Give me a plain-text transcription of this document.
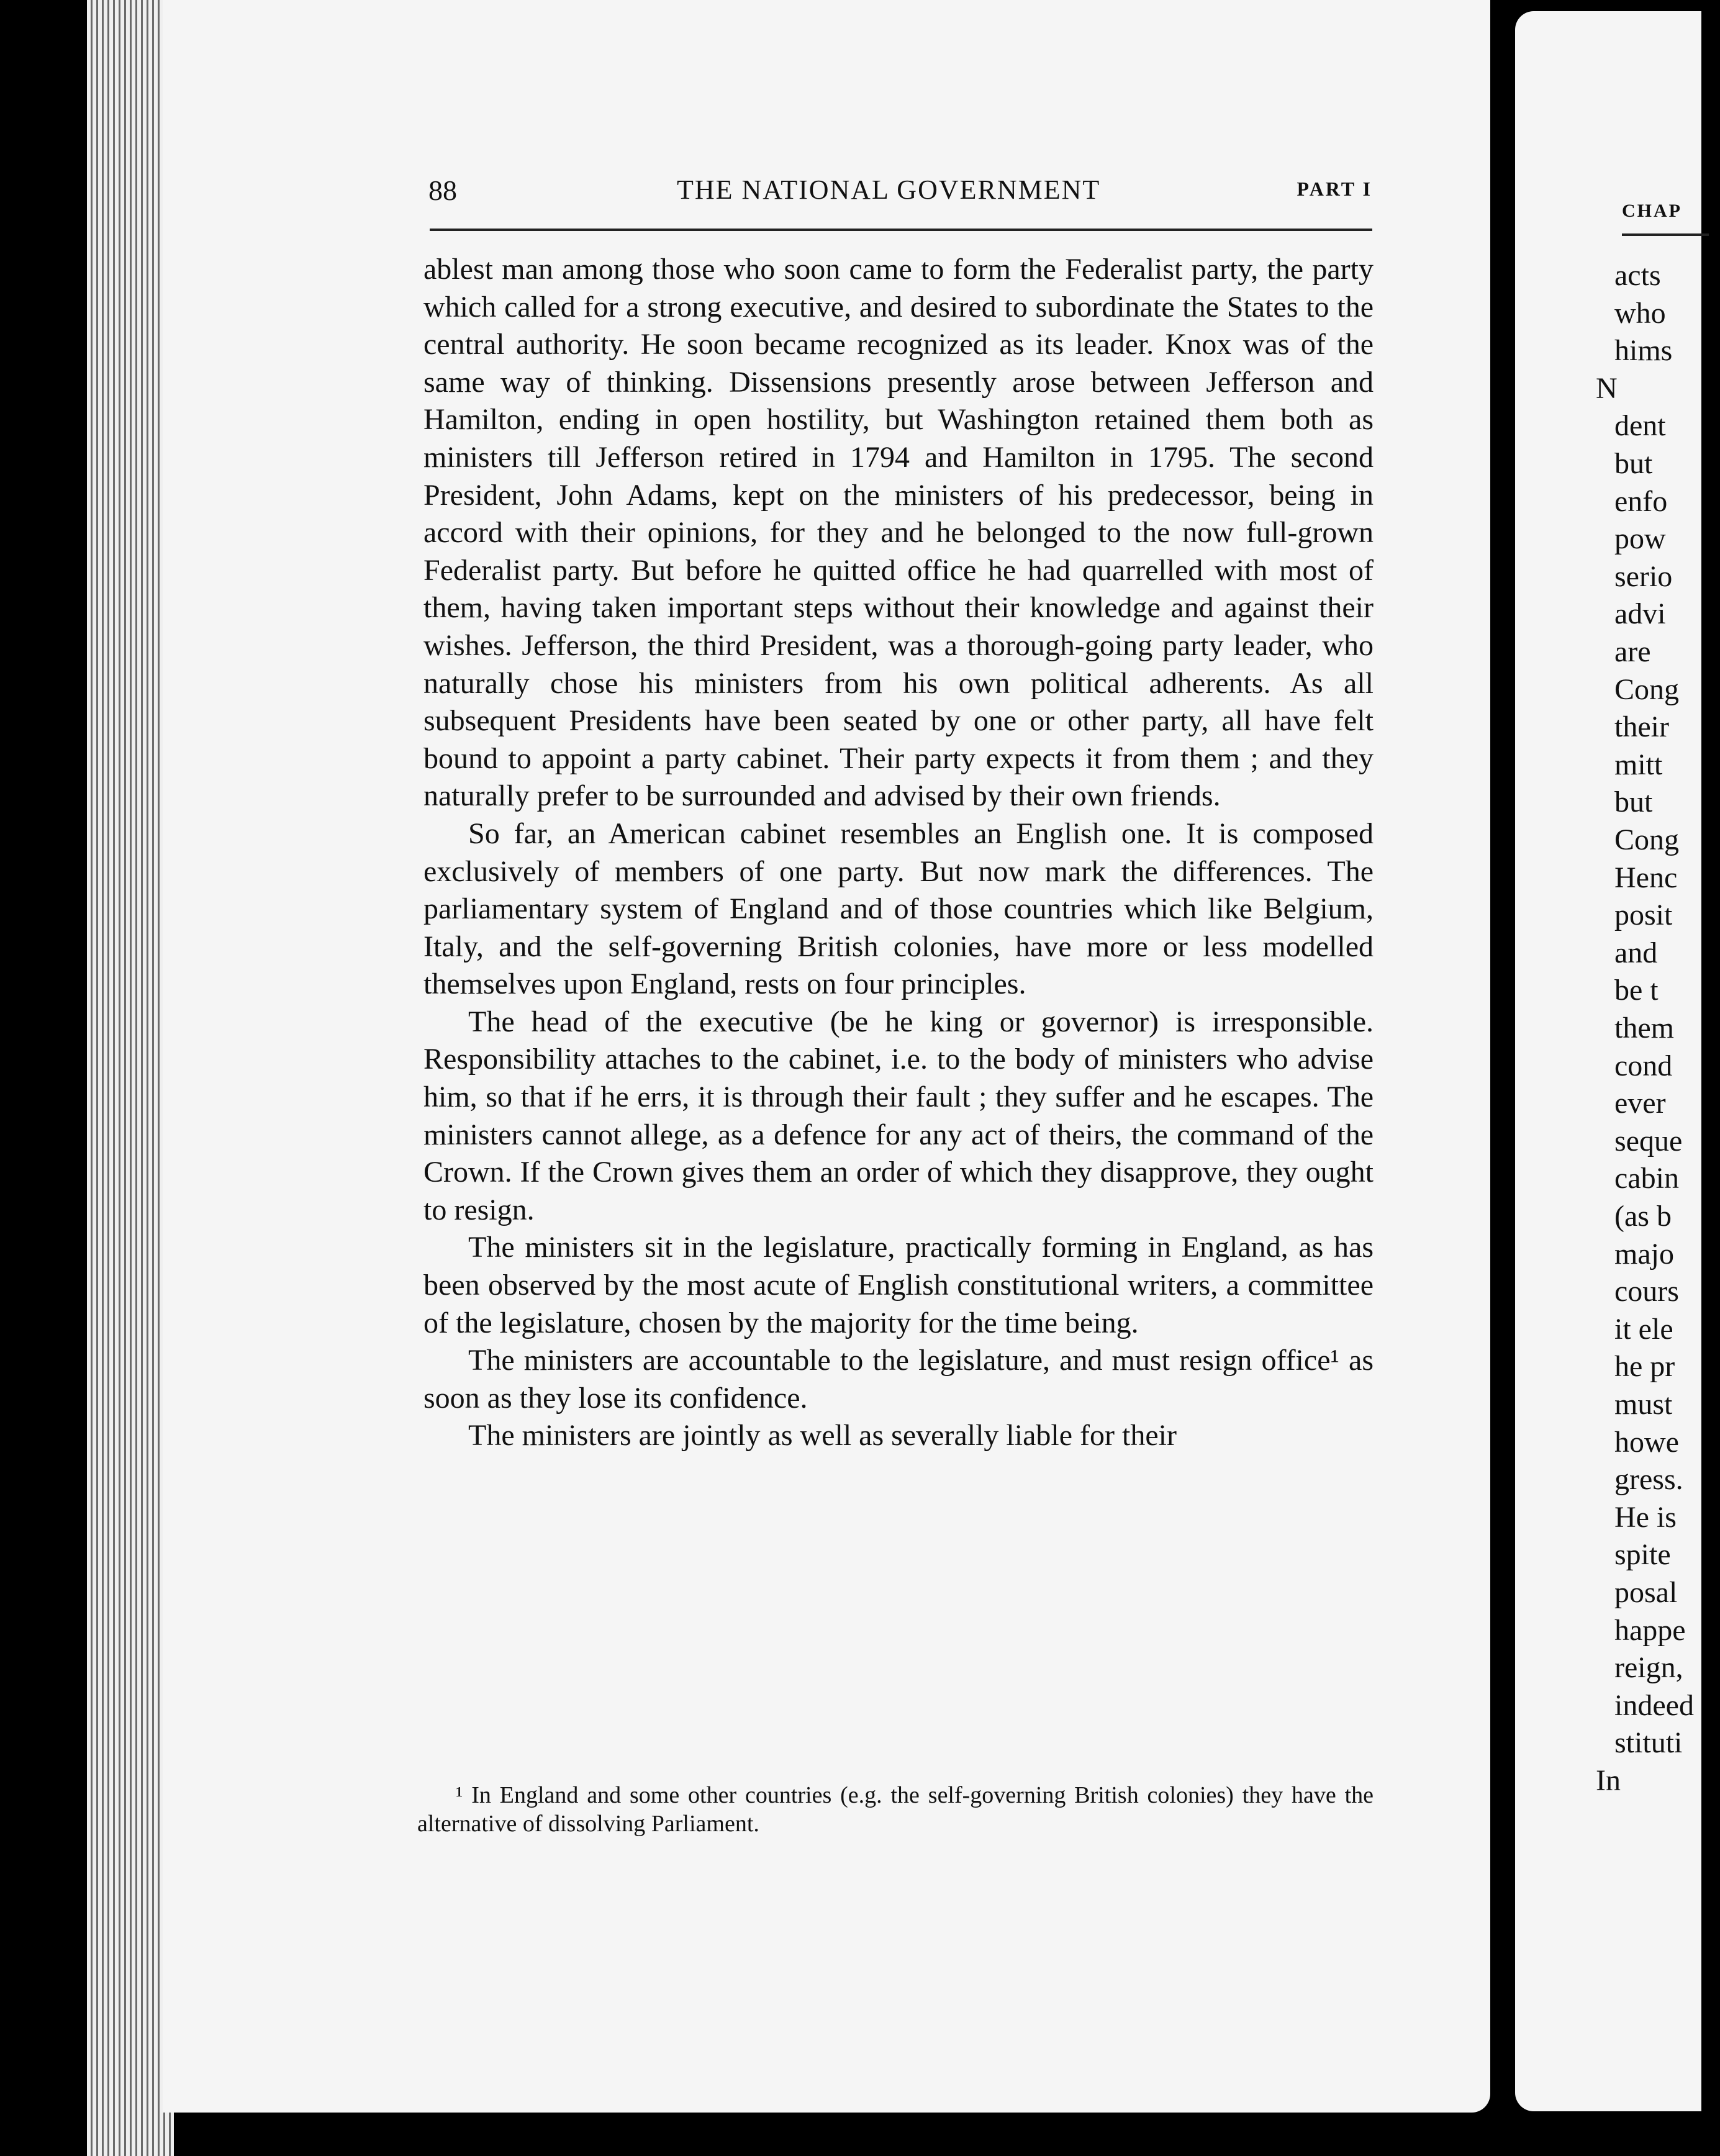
88	THE NATIONAL GOVERNMENT	PART I

ablest man among those who soon came to form the Federalist party, the party which called for a strong executive, and desired to subordinate the States to the central authority. He soon became recognized as its leader. Knox was of the same way of thinking. Dissensions presently arose between Jefferson and Hamilton, ending in open hostility, but Washington retained them both as ministers till Jefferson retired in 1794 and Hamilton in 1795. The second President, John Adams, kept on the ministers of his predecessor, being in accord with their opinions, for they and he belonged to the now full-grown Federalist party. But before he quitted office he had quarrelled with most of them, having taken important steps without their knowledge and against their wishes. Jefferson, the third President, was a thorough-going party leader, who naturally chose his ministers from his own political adherents. As all subsequent Presidents have been seated by one or other party, all have felt bound to appoint a party cabinet. Their party expects it from them ; and they naturally prefer to be surrounded and advised by their own friends.

So far, an American cabinet resembles an English one. It is composed exclusively of members of one party. But now mark the differences. The parliamentary system of England and of those countries which like Belgium, Italy, and the self-governing British colonies, have more or less modelled themselves upon England, rests on four principles.

The head of the executive (be he king or governor) is irresponsible. Responsibility attaches to the cabinet, i.e. to the body of ministers who advise him, so that if he errs, it is through their fault ; they suffer and he escapes. The ministers cannot allege, as a defence for any act of theirs, the command of the Crown. If the Crown gives them an order of which they disapprove, they ought to resign.

The ministers sit in the legislature, practically forming in England, as has been observed by the most acute of English constitutional writers, a committee of the legislature, chosen by the majority for the time being.

The ministers are accountable to the legislature, and must resign office¹ as soon as they lose its confidence.

The ministers are jointly as well as severally liable for their

¹ In England and some other countries (e.g. the self-governing British colonies) they have the alternative of dissolving Parliament.

CHAP
acts
who
hims
N
dent
but
enfo
pow
serio
advi
are
Cong
their
mitt
but
Cong
Henc
posit
and
be t
them
cond
ever
seque
cabin
(as b
majo
cours
it ele
he pr
must
howe
gress.
He is
spite
posal
happe
reign,
indeed
stituti
In
